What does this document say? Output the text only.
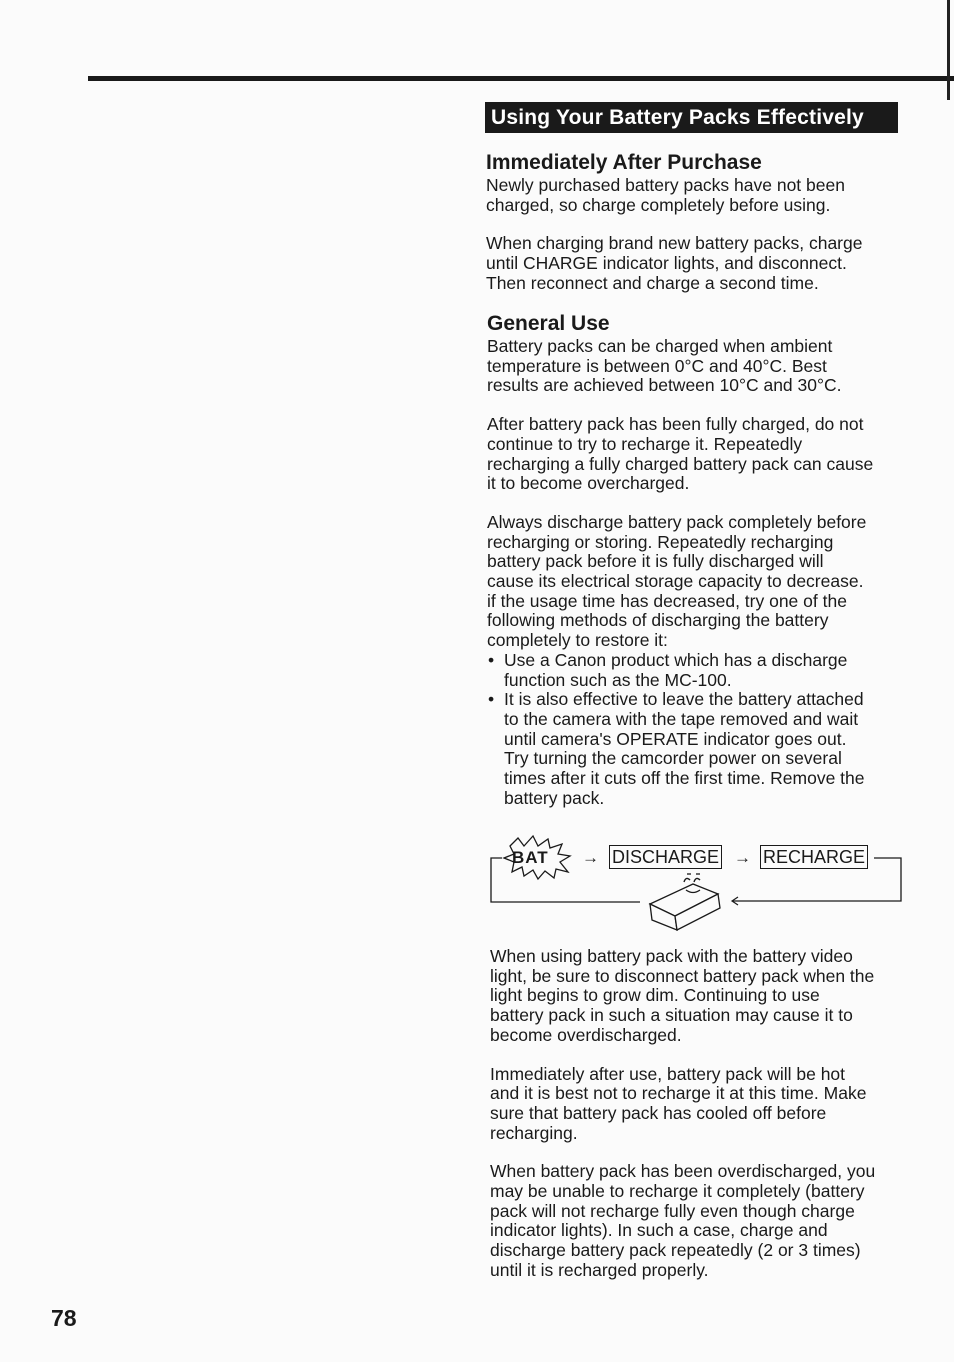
Using Your Battery Packs Effectively
Immediately After Purchase

Newly purchased battery packs have not been
charged, so charge completely before using.

When charging brand new battery packs, charge
until CHARGE indicator lights, and disconnect.
Then reconnect and charge a second time.

General Use

Battery packs can be charged when ambient
temperature is between 0°C and 40°C. Best
results are achieved between 10°C and 30°C.

After battery pack has been fully charged, do not
continue to try to recharge it. Repeatedly
recharging a fully charged battery pack can cause
it to become overcharged.

Always discharge battery pack completely before
recharging or storing. Repeatedly recharging
battery pack before it is fully discharged will
cause its electrical storage capacity to decrease.
if the usage time has decreased, try one of the
following methods of discharging the battery
completely to restore it:

• Use a Canon product which has a discharge
function such as the MC-100.
• It is also effective to leave the battery attached
to the camera with the tape removed and wait
until camera's OPERATE indicator goes out.
Try turning the camcorder power on several
times after it cuts off the first time. Remove the
battery pack.
BAT → DISCHARGE → RECHARGE

When using battery pack with the battery video
light, be sure to disconnect battery pack when the
light begins to grow dim. Continuing to use
battery pack in such a situation may cause it to
become overdischarged.

Immediately after use, battery pack will be hot
and it is best not to recharge it at this time. Make
sure that battery pack has cooled off before
recharging.

When battery pack has been overdischarged, you
may be unable to recharge it completely (battery
pack will not recharge fully even though charge
indicator lights). In such a case, charge and
discharge battery pack repeatedly (2 or 3 times)
until it is recharged properly.

78
